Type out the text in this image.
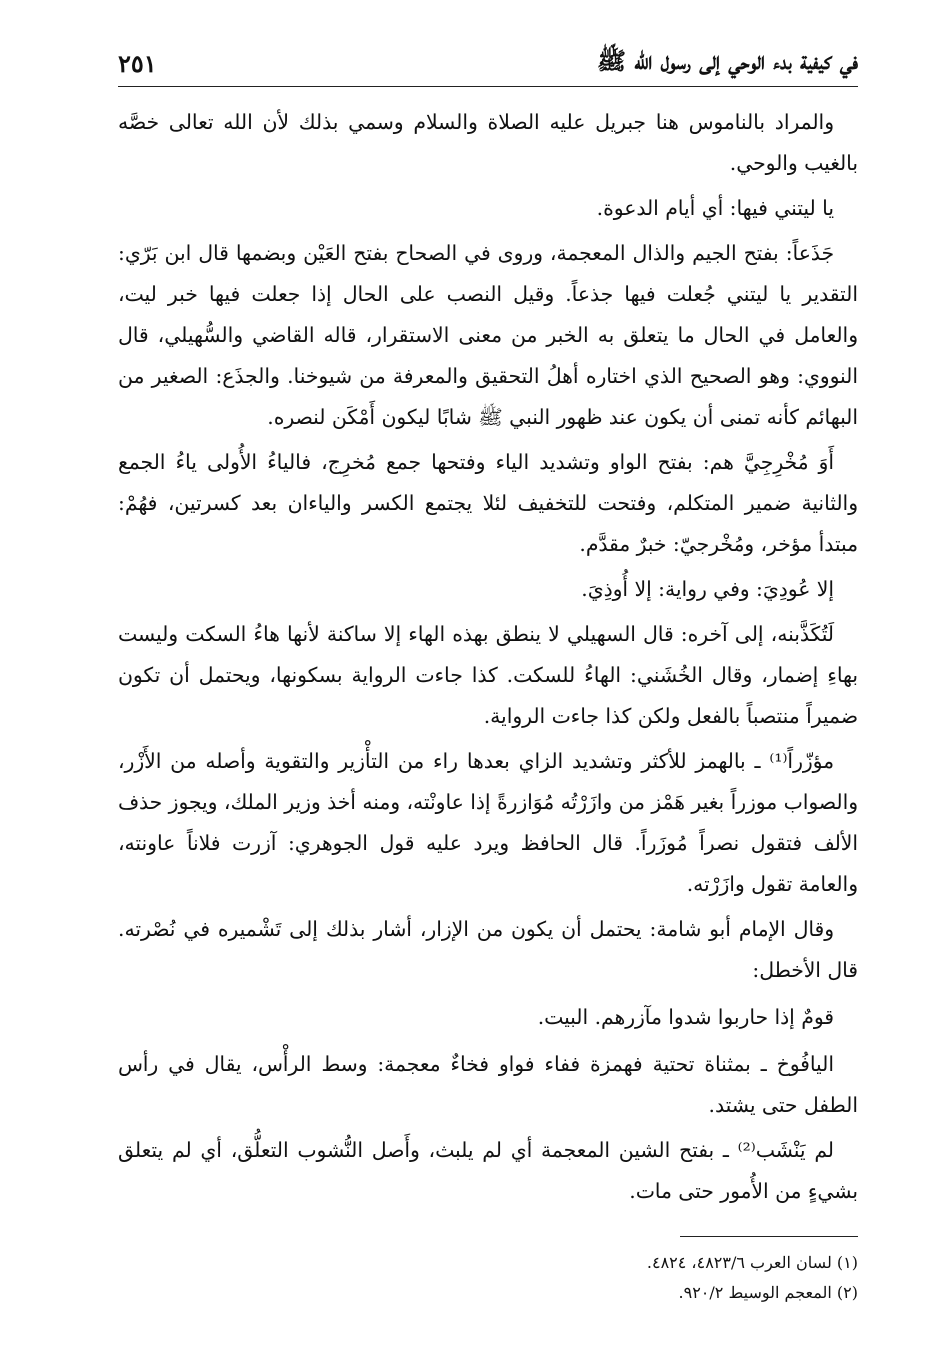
في كيفية بدء الوحي إلى رسول الله ﷺ
٢٥١

والمراد بالناموس هنا جبريل عليه الصلاة والسلام وسمي بذلك لأن الله تعالى خصَّه بالغيب والوحي.

يا ليتني فيها: أي أيام الدعوة.

جَذَعاً: بفتح الجيم والذال المعجمة، وروى في الصحاح بفتح العَيْن وبضمها قال ابن بَرّي: التقدير يا ليتني جُعلت فيها جذعاً. وقيل النصب على الحال إذا جعلت فيها خبر ليت، والعامل في الحال ما يتعلق به الخبر من معنى الاستقرار، قاله القاضي والسُّهيلي، قال النووي: وهو الصحيح الذي اختاره أهلُ التحقيق والمعرفة من شيوخنا. والجذَع: الصغير من البهائم كأنه تمنى أن يكون عند ظهور النبي ﷺ شابًا ليكون أَمْكَن لنصره.

أَوَ مُخْرِجِيَّ هم: بفتح الواو وتشديد الياء وفتحها جمع مُخرِج، فالياءُ الأُولى ياءُ الجمع والثانية ضمير المتكلم، وفتحت للتخفيف لئلا يجتمع الكسر والياءان بعد كسرتين، فهُمْ: مبتدأ مؤخر، ومُخْرجيّ: خبرٌ مقدَّم.

إلا عُودِيَ: وفي رواية: إلا أُوذِيَ.

لَتُكَذَّبنه، إلى آخره: قال السهيلي لا ينطق بهذه الهاء إلا ساكنة لأنها هاءُ السكت وليست بهاءِ إضمار، وقال الخُشَني: الهاءُ للسكت. كذا جاءت الرواية بسكونها، ويحتمل أن تكون ضميراً منتصباً بالفعل ولكن كذا جاءت الرواية.

مؤزّراً⁽¹⁾ ـ بالهمز للأكثر وتشديد الزاي بعدها راء من التأْزير والتقوية وأصله من الأَزْر، والصواب موزراً بغير هَمْز من وازَرْتُه مُوَازرةً إذا عاونْته، ومنه أخذ وزير الملك، ويجوز حذف الألف فتقول نصراً مُوزَراً. قال الحافظ ويرد عليه قول الجوهري: آزرت فلاناً عاونته، والعامة تقول وازَرْته.

وقال الإمام أبو شامة: يحتمل أن يكون من الإزار، أشار بذلك إلى تَشْميره في نُصْرته. قال الأخطل:

قومٌ إذا حاربوا شدوا مآزرهم. البيت.

اليافُوخ ـ بمثناة تحتية فهمزة ففاء فواو فخاءٌ معجمة: وسط الرأْس، يقال في رأس الطفل حتى يشتد.

لم يَنْشَب⁽²⁾ ـ بفتح الشين المعجمة أي لم يلبث، وأَصل النُّشوب التعلُّق، أي لم يتعلق بشيءٍ من الأُمور حتى مات.

(١) لسان العرب ٤٨٢٣/٦، ٤٨٢٤.
(٢) المعجم الوسيط ٩٢٠/٢.
